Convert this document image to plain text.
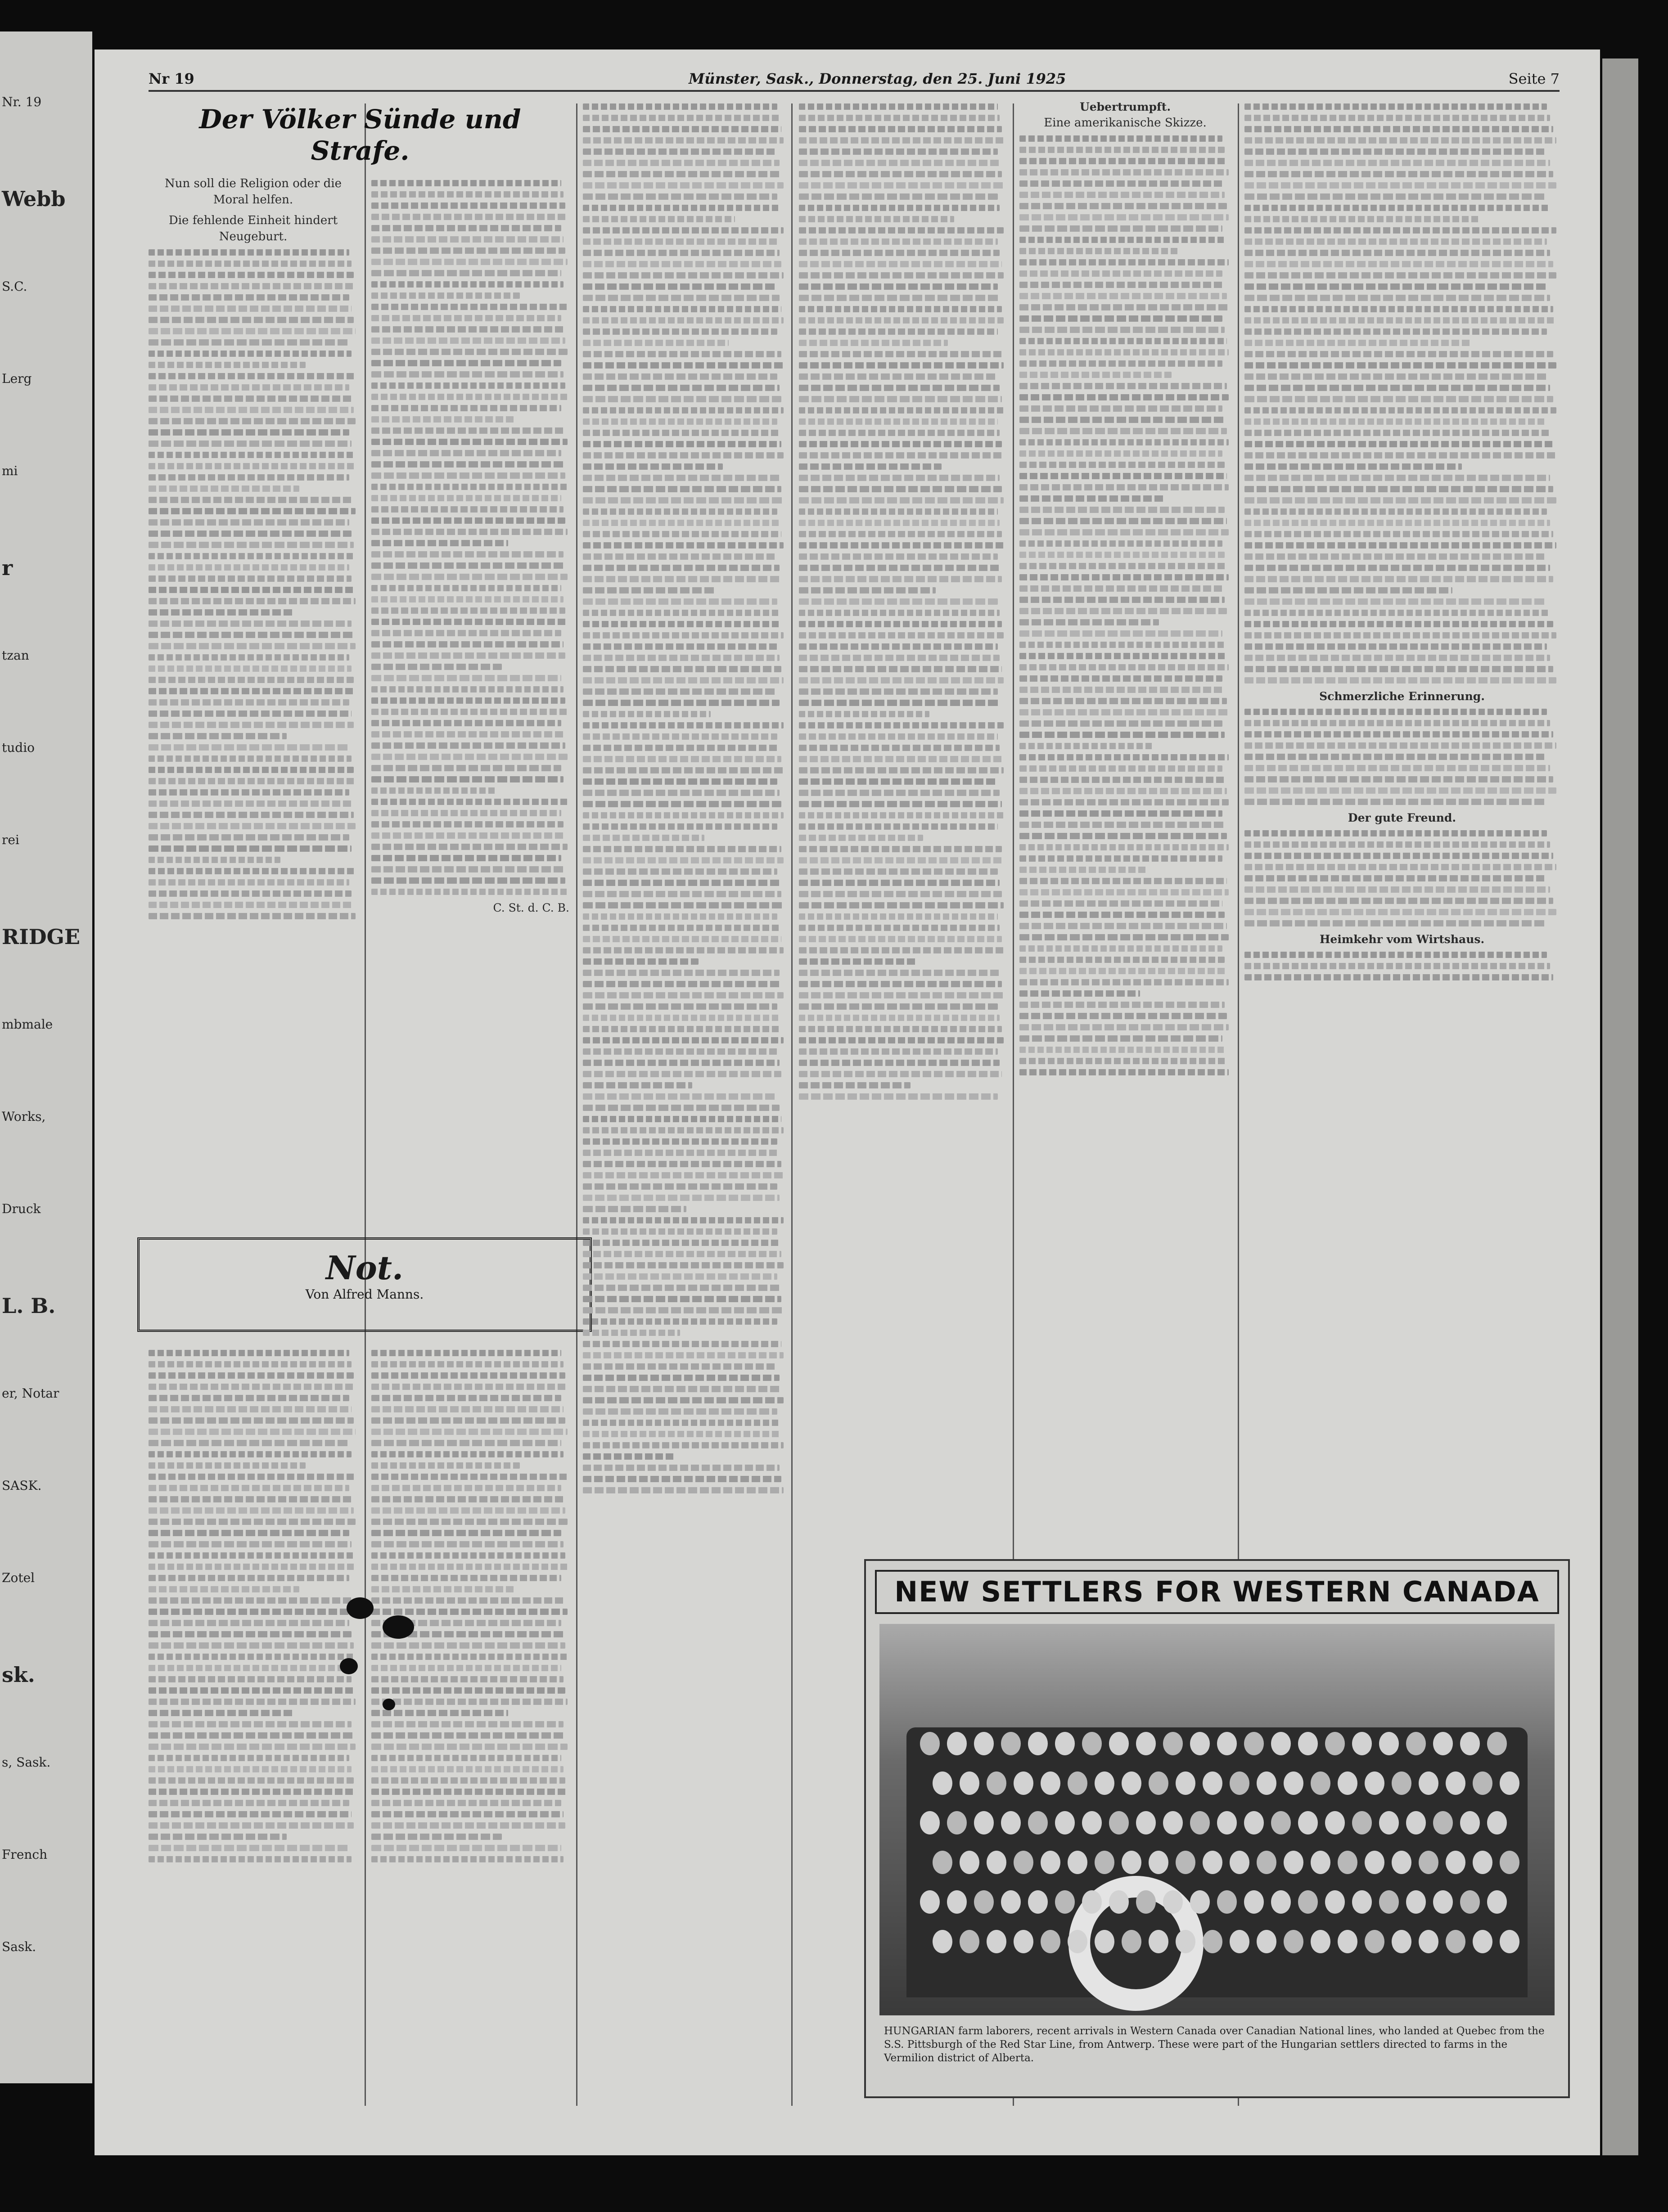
Nr. 19
Webb
S.C.
Lerg
mi
r
tzan
tudio
rei
RIDGE
mbmale
Works,
Druck
L. B.
er, Notar
SASK.
Zotel
sk.
s, Sask.
French
Sask.
Nr 19	Münster, Sask., Donnerstag, den 25. Juni 1925	Seite 7
Der Völker Sünde und Strafe.
Nun soll die Religion oder die Moral helfen.
Die fehlende Einheit hindert Neugeburt.
C. St. d. C. B.
Not.
Von Alfred Manns.
Uebertrumpft.
Eine amerikanische Skizze.
Schmerzliche Erinnerung.
Der gute Freund.
Heimkehr vom Wirtshaus.
NEW SETTLERS FOR WESTERN CANADA
HUNGARIAN farm laborers, recent arrivals in Western Canada over Canadian National lines, who landed at Quebec from the S.S. Pittsburgh of the Red Star Line, from Antwerp. These were part of the Hungarian settlers directed to farms in the Vermilion district of Alberta.
